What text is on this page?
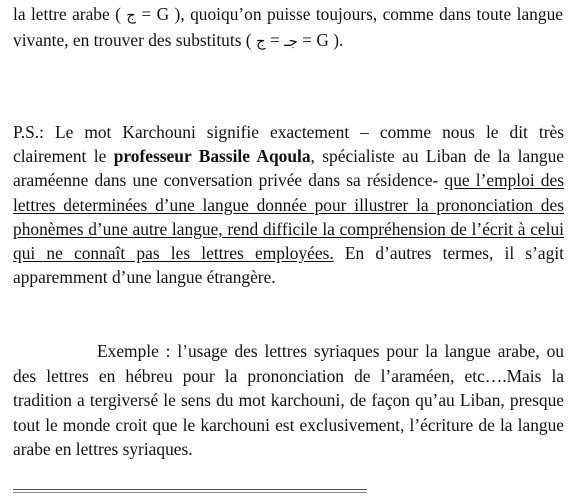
la lettre arabe ( ج = G ), quoiqu’on puisse toujours, comme dans toute langue vivante, en trouver des substituts ( جـ = ج = G ).

P.S.: Le mot Karchouni signifie exactement – comme nous le dit très clairement le professeur Bassile Aqoula, spécialiste au Liban de la langue araméenne dans une conversation privée dans sa résidence- que l’emploi des lettres determinées d’une langue donnée pour illustrer la prononciation des phonèmes d’une autre langue, rend difficile la compréhension de l’écrit à celui qui ne connaît pas les lettres employées. En d’autres termes, il s’agit apparemment d’une langue étrangère.

Exemple : l’usage des lettres syriaques pour la langue arabe, ou des lettres en hébreu pour la prononciation de l’araméen, etc….Mais la tradition a tergiversé le sens du mot karchouni, de façon qu’au Liban, presque tout le monde croit que le karchouni est exclusivement, l’écriture de la langue arabe en lettres syriaques.
